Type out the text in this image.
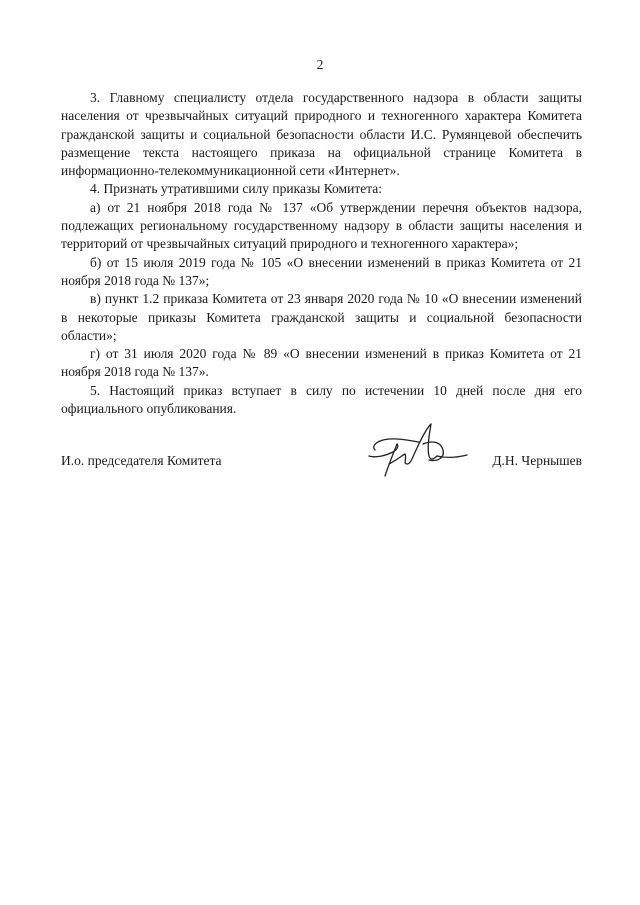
2

3. Главному специалисту отдела государственного надзора в области защиты населения от чрезвычайных ситуаций природного и техногенного характера Комитета гражданской защиты и социальной безопасности области И.С. Румянцевой обеспечить размещение текста настоящего приказа на официальной странице Комитета в информационно-телекоммуникационной сети «Интернет».

4. Признать утратившими силу приказы Комитета:

а) от 21 ноября 2018 года № 137 «Об утверждении перечня объектов надзора, подлежащих региональному государственному надзору в области защиты населения и территорий от чрезвычайных ситуаций природного и техногенного характера»;

б) от 15 июля 2019 года № 105 «О внесении изменений в приказ Комитета от 21 ноября 2018 года № 137»;

в) пункт 1.2 приказа Комитета от 23 января 2020 года № 10 «О внесении изменений в некоторые приказы Комитета гражданской защиты и социальной безопасности области»;

г) от 31 июля 2020 года № 89 «О внесении изменений в приказ Комитета от 21 ноября 2018 года № 137».

5. Настоящий приказ вступает в силу по истечении 10 дней после дня его официального опубликования.

И.о. председателя Комитета	Д.Н. Чернышев
